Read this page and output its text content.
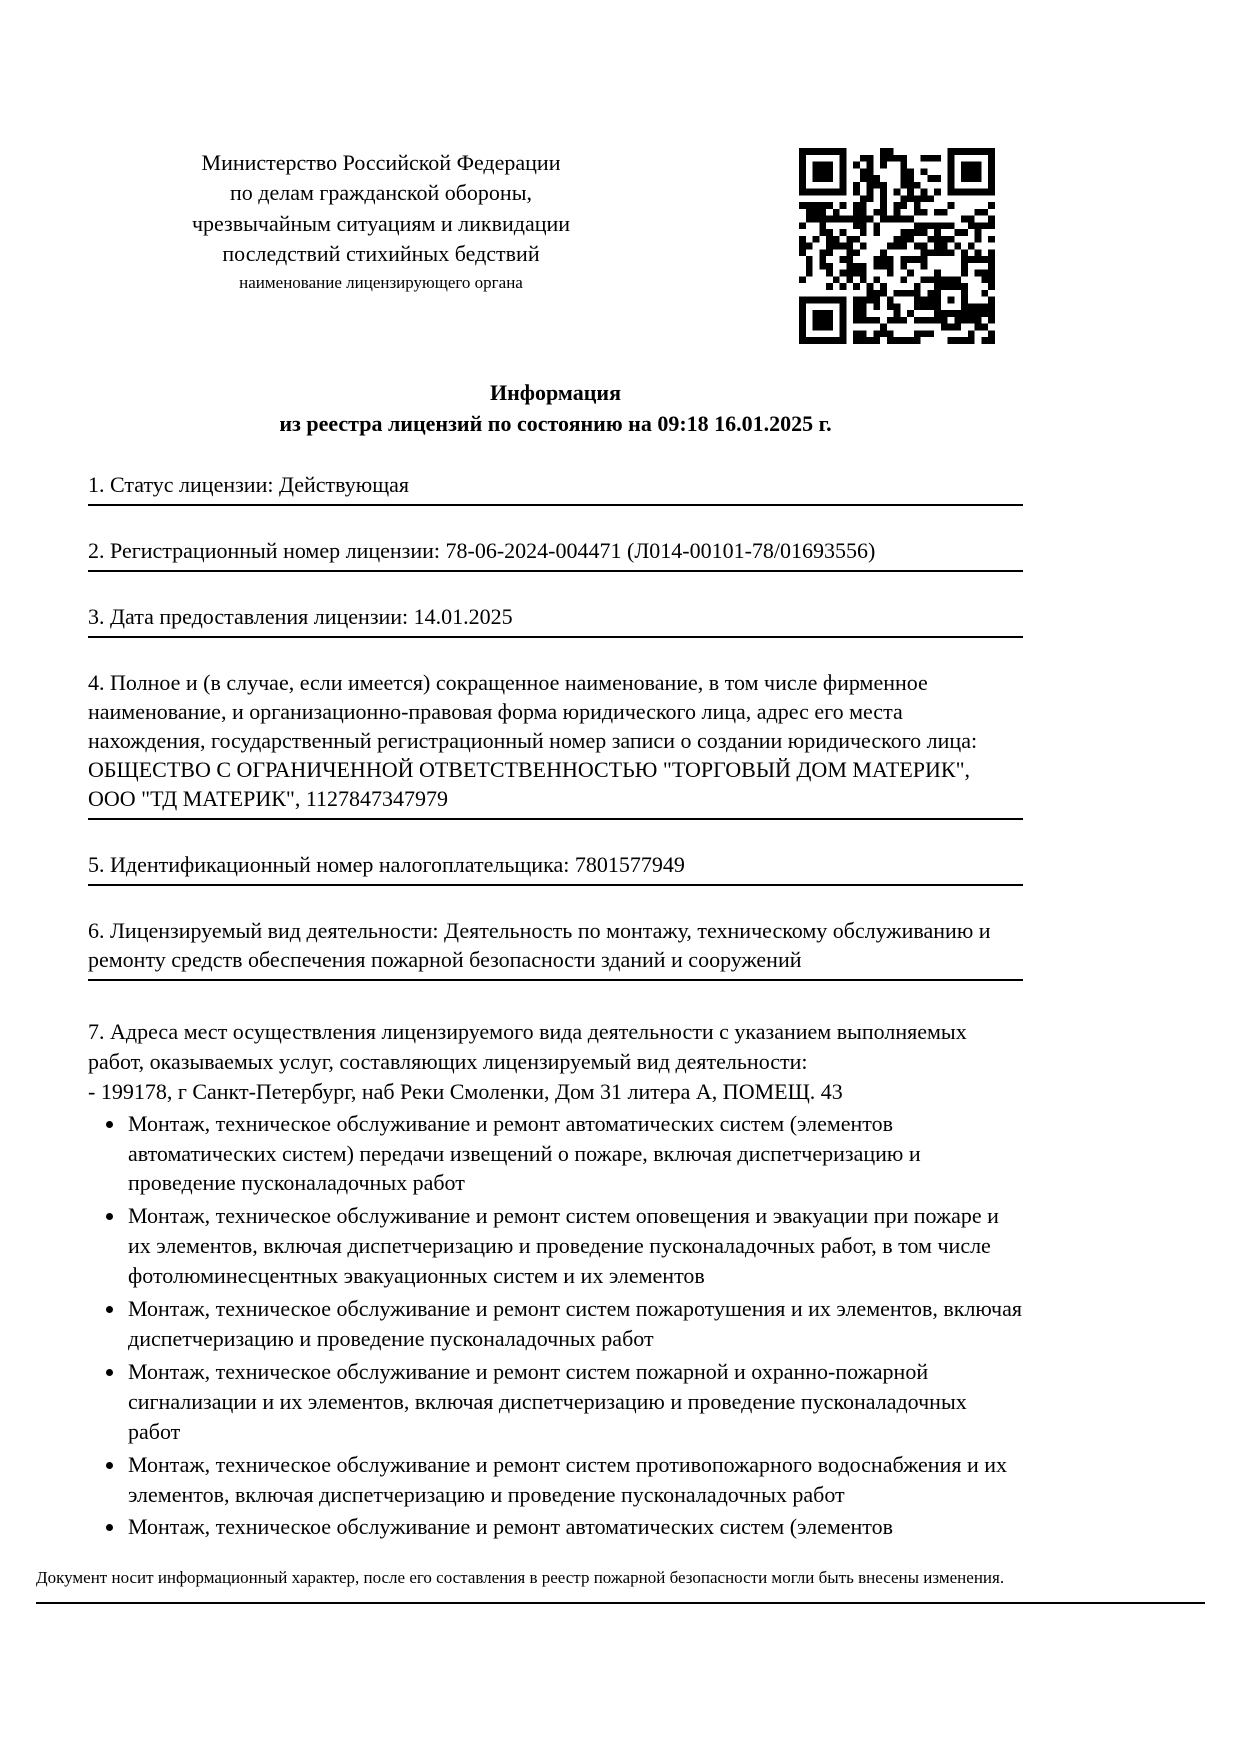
Министерство Российской Федерации
по делам гражданской обороны,
чрезвычайным ситуациям и ликвидации
последствий стихийных бедствий
наименование лицензирующего органа
Информация
из реестра лицензий по состоянию на 09:18 16.01.2025 г.
1. Статус лицензии: Действующая
2. Регистрационный номер лицензии: 78-06-2024-004471 (Л014-00101-78/01693556)
3. Дата предоставления лицензии: 14.01.2025
4. Полное и (в случае, если имеется) сокращенное наименование, в том числе фирменное наименование, и организационно-правовая форма юридического лица, адрес его места нахождения, государственный регистрационный номер записи о создании юридического лица: ОБЩЕСТВО С ОГРАНИЧЕННОЙ ОТВЕТСТВЕННОСТЬЮ "ТОРГОВЫЙ ДОМ МАТЕРИК", ООО "ТД МАТЕРИК", 1127847347979
5. Идентификационный номер налогоплательщика: 7801577949
6. Лицензируемый вид деятельности: Деятельность по монтажу, техническому обслуживанию и ремонту средств обеспечения пожарной безопасности зданий и сооружений

7. Адреса мест осуществления лицензируемого вида деятельности с указанием выполняемых работ, оказываемых услуг, составляющих лицензируемый вид деятельности:

- 199178, г Санкт-Петербург, наб Реки Смоленки, Дом 31 литера А, ПОМЕЩ. 43

• Монтаж, техническое обслуживание и ремонт автоматических систем (элементов автоматических систем) передачи извещений о пожаре, включая диспетчеризацию и проведение пусконаладочных работ
• Монтаж, техническое обслуживание и ремонт систем оповещения и эвакуации при пожаре и их элементов, включая диспетчеризацию и проведение пусконаладочных работ, в том числе фотолюминесцентных эвакуационных систем и их элементов
• Монтаж, техническое обслуживание и ремонт систем пожаротушения и их элементов, включая диспетчеризацию и проведение пусконаладочных работ
• Монтаж, техническое обслуживание и ремонт систем пожарной и охранно-пожарной сигнализации и их элементов, включая диспетчеризацию и проведение пусконаладочных работ
• Монтаж, техническое обслуживание и ремонт систем противопожарного водоснабжения и их элементов, включая диспетчеризацию и проведение пусконаладочных работ
• Монтаж, техническое обслуживание и ремонт автоматических систем (элементов
Документ носит информационный характер, после его составления в реестр пожарной безопасности могли быть внесены изменения.
